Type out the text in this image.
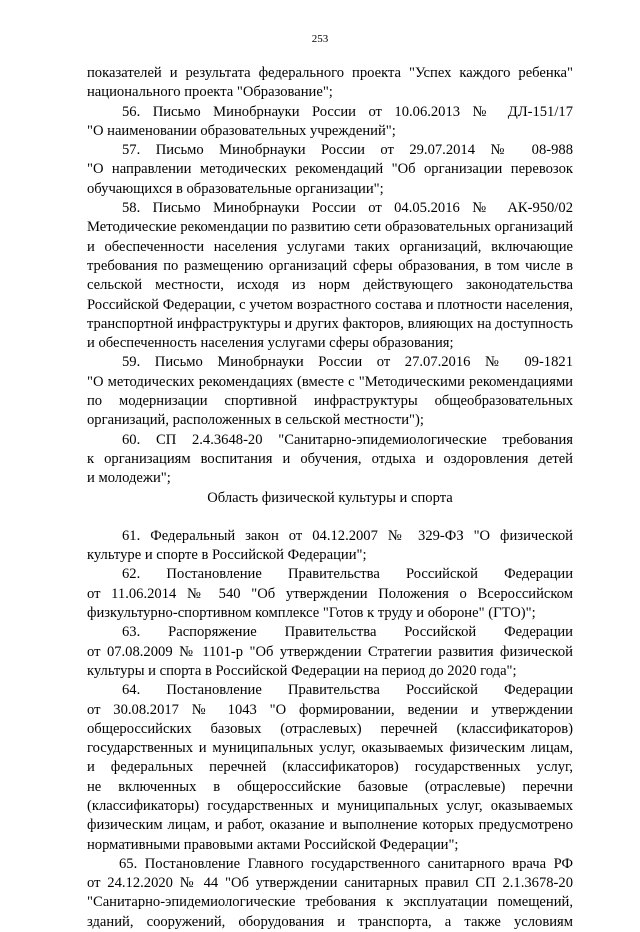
253
показателей и результата федерального проекта "Успех каждого ребенка"
национального проекта "Образование";
56. Письмо Минобрнауки России от 10.06.2013 № ДЛ-151/17
"О наименовании образовательных учреждений";
57. Письмо Минобрнауки России от 29.07.2014 № 08-988
"О направлении методических рекомендаций "Об организации перевозок
обучающихся в образовательные организации";
58. Письмо Минобрнауки России от 04.05.2016 № АК-950/02
Методические рекомендации по развитию сети образовательных организаций
и обеспеченности населения услугами таких организаций, включающие
требования по размещению организаций сферы образования, в том числе в
сельской местности, исходя из норм действующего законодательства
Российской Федерации, с учетом возрастного состава и плотности населения,
транспортной инфраструктуры и других факторов, влияющих на доступность
и обеспеченность населения услугами сферы образования;
59. Письмо Минобрнауки России от 27.07.2016 № 09-1821
"О методических рекомендациях (вместе с "Методическими рекомендациями
по модернизации спортивной инфраструктуры общеобразовательных
организаций, расположенных в сельской местности");
60. СП 2.4.3648-20 "Санитарно-эпидемиологические требования
к организациям воспитания и обучения, отдыха и оздоровления детей
и молодежи";
Область физической культуры и спорта
61. Федеральный закон от 04.12.2007 № 329-ФЗ "О физической
культуре и спорте в Российской Федерации";
62. Постановление Правительства Российской Федерации
от 11.06.2014 № 540 "Об утверждении Положения о Всероссийском
физкультурно-спортивном комплексе "Готов к труду и обороне" (ГТО)";
63. Распоряжение Правительства Российской Федерации
от 07.08.2009 № 1101-р "Об утверждении Стратегии развития физической
культуры и спорта в Российской Федерации на период до 2020 года";
64. Постановление Правительства Российской Федерации
от 30.08.2017 № 1043 "О формировании, ведении и утверждении
общероссийских базовых (отраслевых) перечней (классификаторов)
государственных и муниципальных услуг, оказываемых физическим лицам,
и федеральных перечней (классификаторов) государственных услуг,
не включенных в общероссийские базовые (отраслевые) перечни
(классификаторы) государственных и муниципальных услуг, оказываемых
физическим лицам, и работ, оказание и выполнение которых предусмотрено
нормативными правовыми актами Российской Федерации";
65. Постановление Главного государственного санитарного врача РФ
от 24.12.2020 № 44 "Об утверждении санитарных правил СП 2.1.3678-20
"Санитарно-эпидемиологические требования к эксплуатации помещений,
зданий, сооружений, оборудования и транспорта, а также условиям
